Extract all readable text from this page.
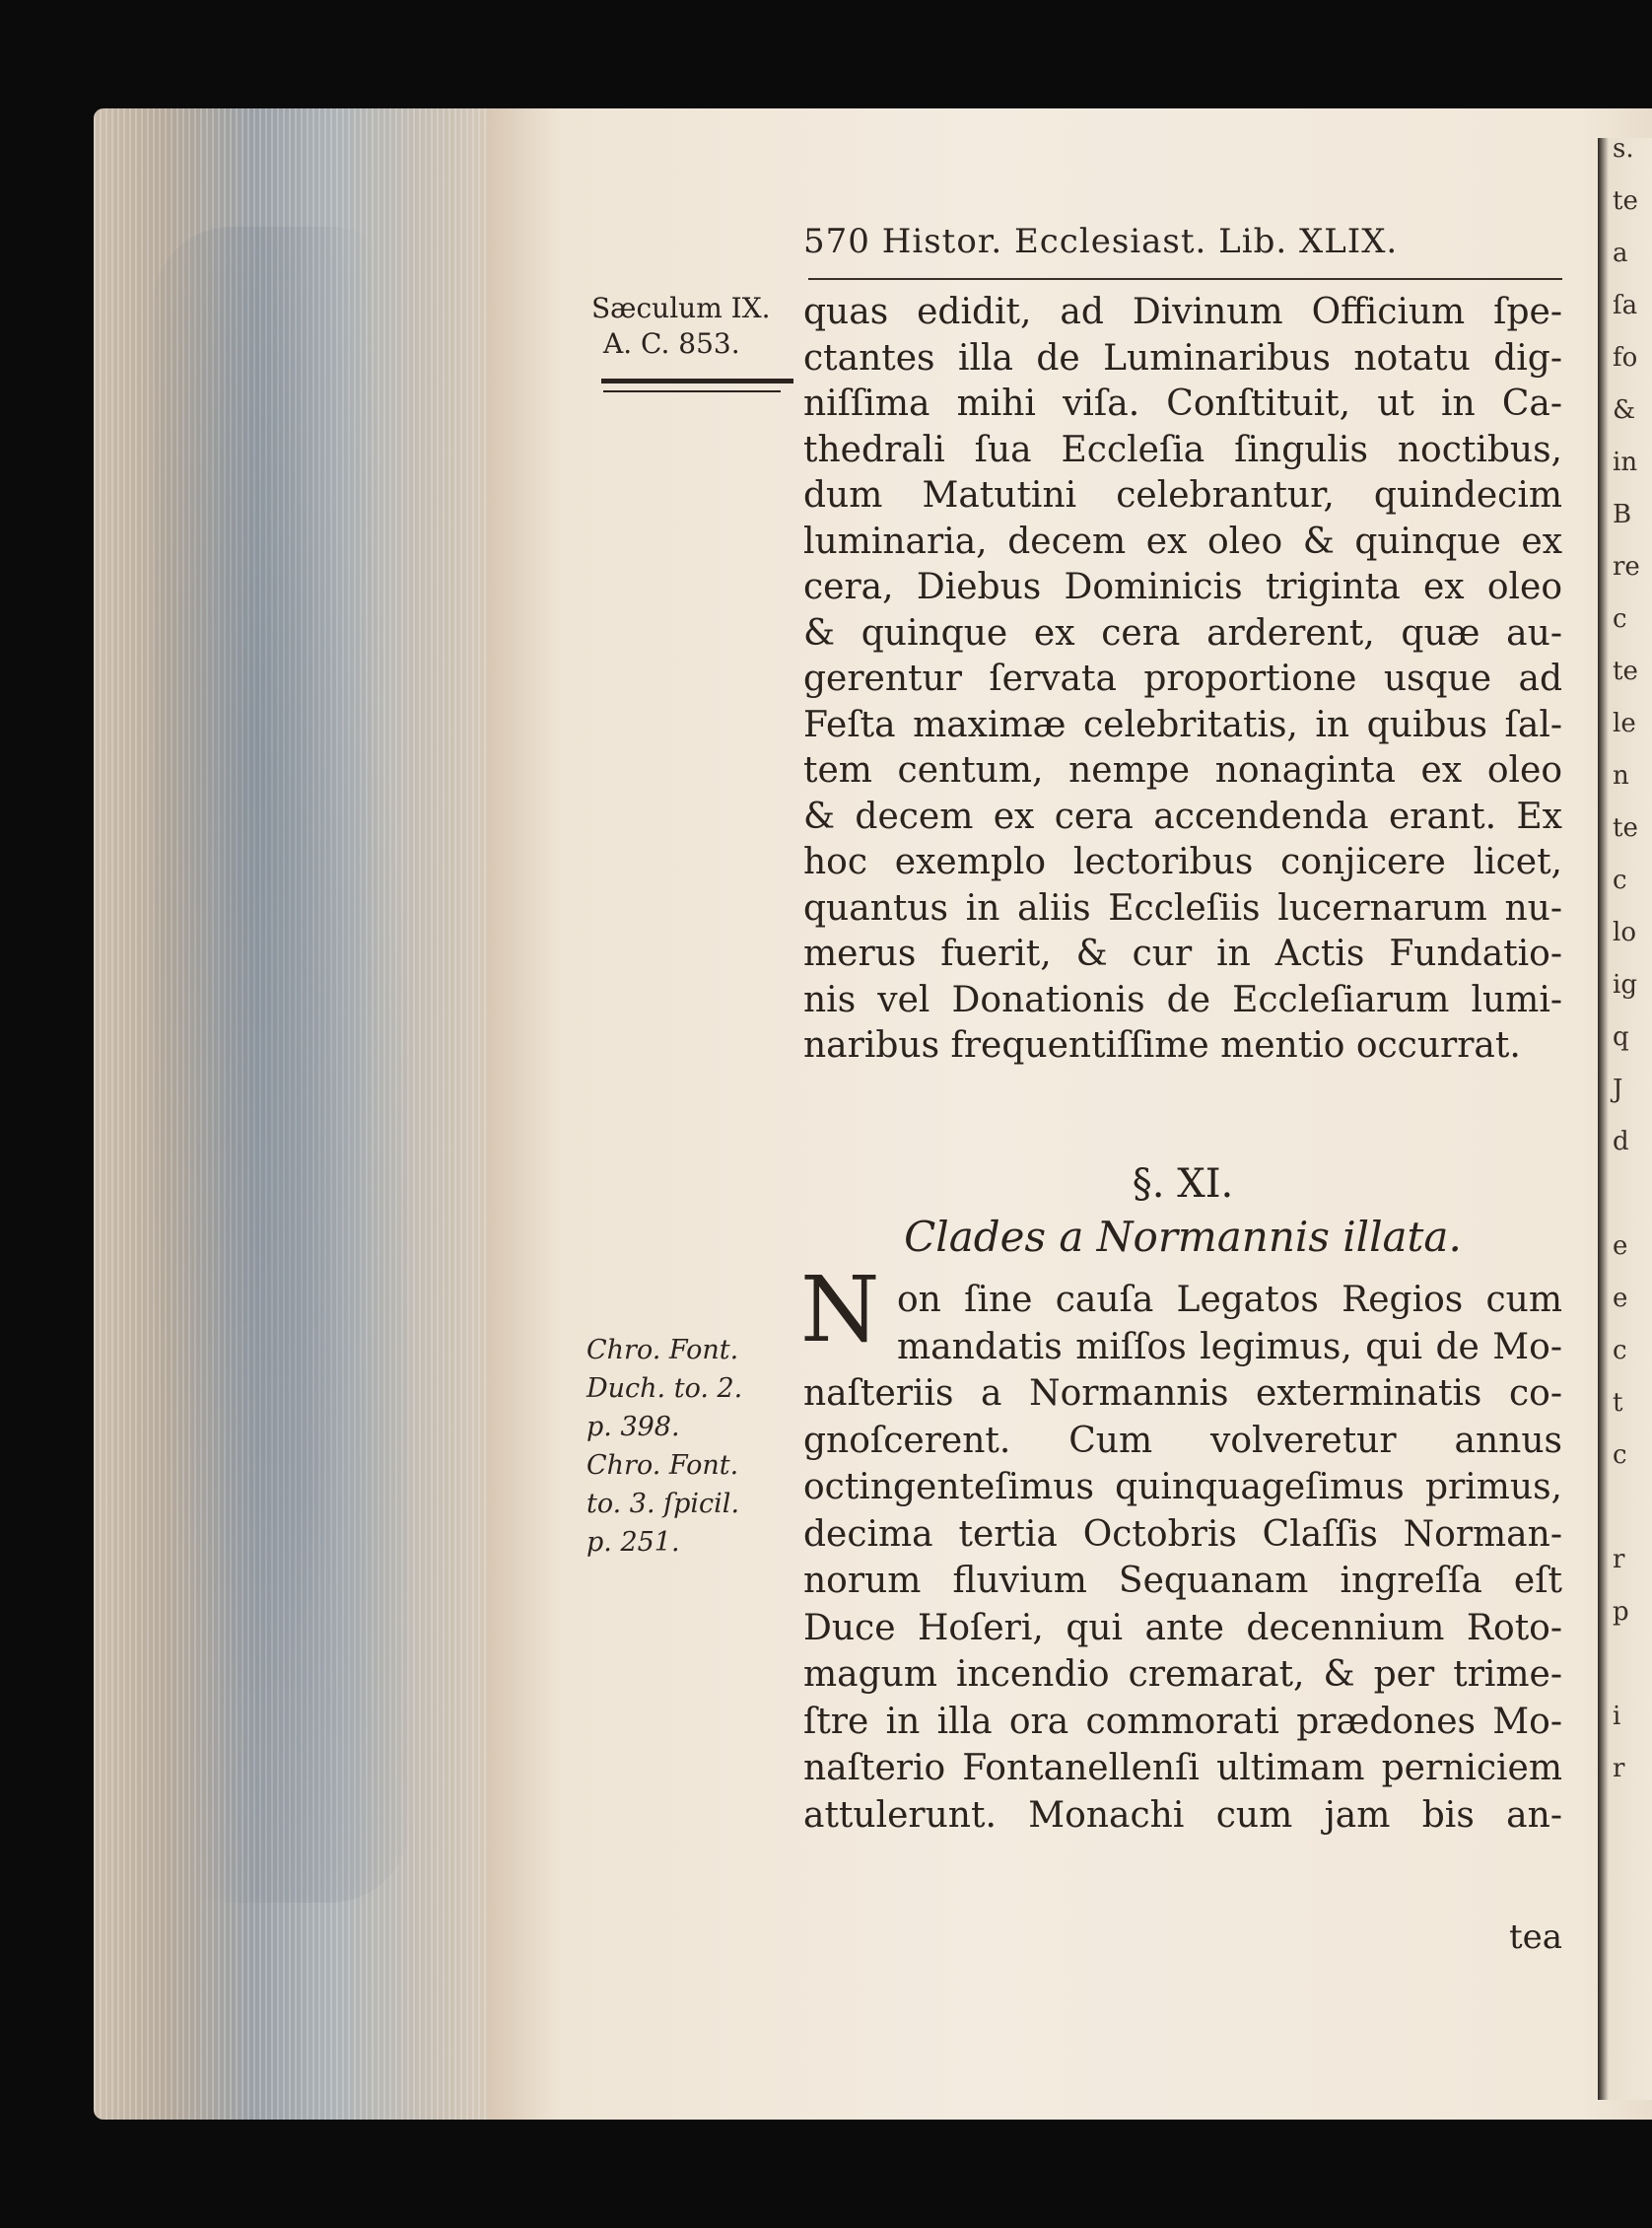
s.
te
a
ſa
fo
&
in
B
re
c
te
le
n
te
c
lo
ig
q
J
d
e
e
c
t
c
r
p
i
r
570 Histor. Ecclesiast. Lib. XLIX.
Sæculum IX.
A. C. 853.
Chro. Font.
Duch. to. 2.
p. 398.
Chro. Font.
to. 3. ſpicil.
p. 251.
quas edidit, ad Divinum Officium ſpe-
ctantes illa de Luminaribus notatu dig-
niſſima mihi viſa. Conſtituit, ut in Ca-
thedrali ſua Eccleſia ſingulis noctibus,
dum Matutini celebrantur, quindecim
luminaria, decem ex oleo & quinque ex
cera, Diebus Dominicis triginta ex oleo
& quinque ex cera arderent, quæ au-
gerentur ſervata proportione usque ad
Feſta maximæ celebritatis, in quibus ſal-
tem centum, nempe nonaginta ex oleo
& decem ex cera accendenda erant. Ex
hoc exemplo lectoribus conjicere licet,
quantus in aliis Eccleſiis lucernarum nu-
merus fuerit, & cur in Actis Fundatio-
nis vel Donationis de Eccleſiarum lumi-
naribus frequentiſſime mentio occurrat.
§. XI.
Clades a Normannis illata.
N on ſine cauſa Legatos Regios cum
mandatis miſſos legimus, qui de Mo-
naſteriis a Normannis exterminatis co-
gnoſcerent. Cum volveretur annus
octingenteſimus quinquageſimus primus,
decima tertia Octobris Claſſis Norman-
norum fluvium Sequanam ingreſſa eſt
Duce Hoſeri, qui ante decennium Roto-
magum incendio cremarat, & per trime-
ſtre in illa ora commorati prædones Mo-
naſterio Fontanellenſi ultimam perniciem
attulerunt. Monachi cum jam bis an-
tea
